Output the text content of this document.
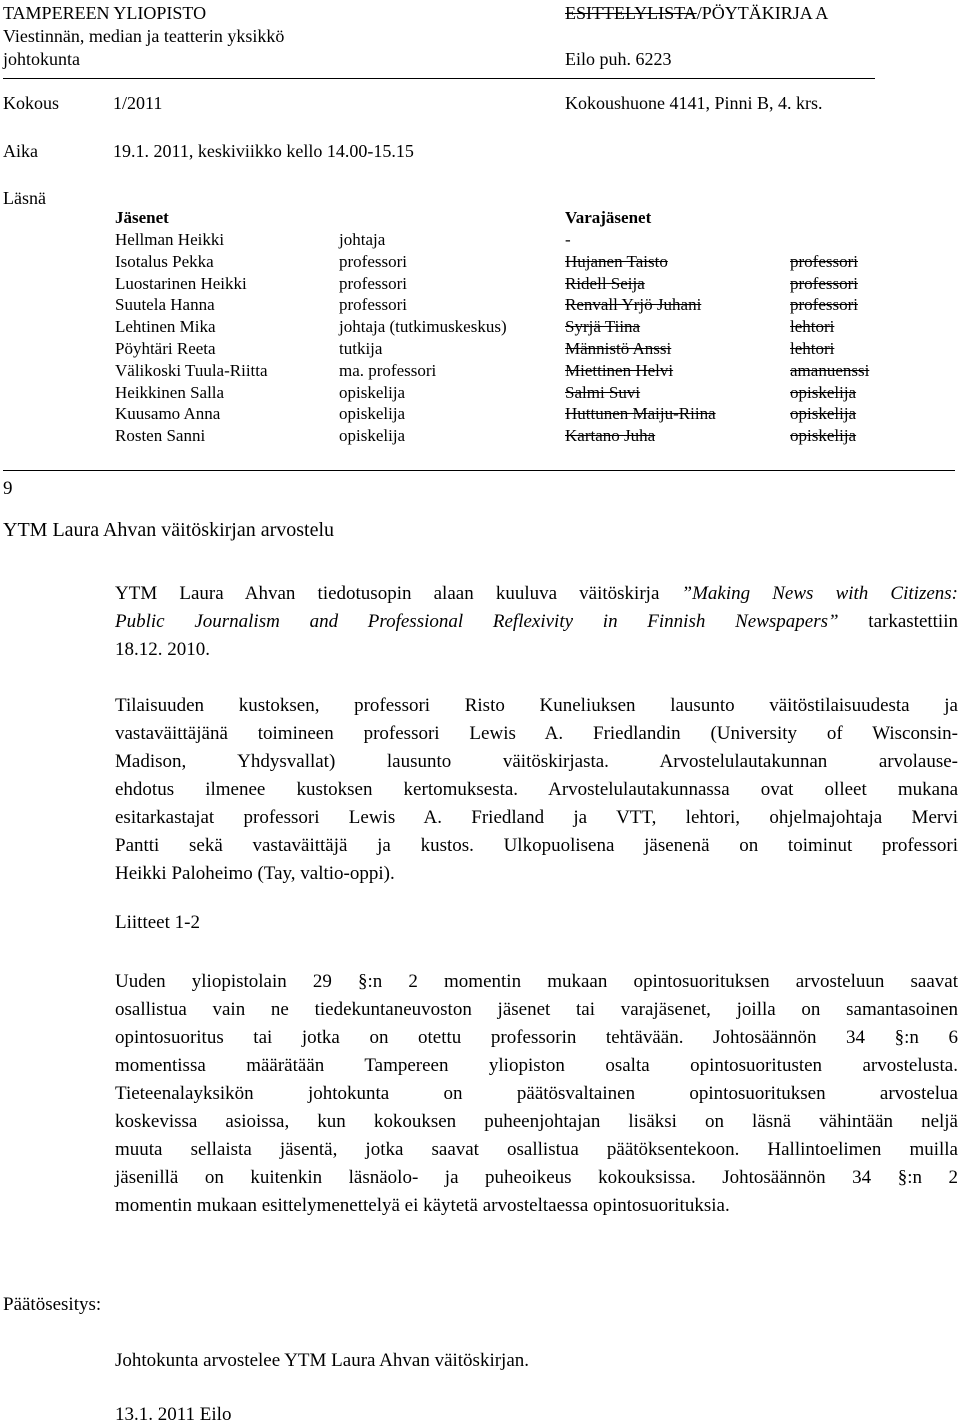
TAMPEREEN YLIOPISTO	ESITTELYLISTA/PÖYTÄKIRJA A
Viestinnän, median ja teatterin yksikkö
johtokunta	Eilo puh. 6223
Kokous	1/2011	Kokoushuone 4141, Pinni B, 4. krs.
Aika	19.1. 2011, keskiviikko kello 14.00-15.15
Läsnä
Jäsenet	Varajäsenet
Hellman Heikki	johtaja	-
Isotalus Pekka	professori	Hujanen Taisto	professori
Luostarinen Heikki	professori	Ridell Seija	professori
Suutela Hanna	professori	Renvall Yrjö Juhani	professori
Lehtinen Mika	johtaja (tutkimuskeskus)	Syrjä Tiina	lehtori
Pöyhtäri Reeta	tutkija	Männistö Anssi	lehtori
Välikoski Tuula-Riitta	ma. professori	Miettinen Helvi	amanuenssi
Heikkinen Salla	opiskelija	Salmi Suvi	opiskelija
Kuusamo Anna	opiskelija	Huttunen Maiju-Riina	opiskelija
Rosten Sanni	opiskelija	Kartano Juha	opiskelija
9
YTM Laura Ahvan väitöskirjan arvostelu
YTM Laura Ahvan tiedotusopin alaan kuuluva väitöskirja ”Making News with Citizens:
Public Journalism and Professional Reflexivity in Finnish Newspapers” tarkastettiin
18.12. 2010.
Tilaisuuden kustoksen, professori Risto Kuneliuksen lausunto väitöstilaisuudesta ja
vastaväittäjänä toimineen professori Lewis A. Friedlandin (University of Wisconsin-
Madison, Yhdysvallat) lausunto väitöskirjasta. Arvostelulautakunnan arvolause-
ehdotus ilmenee kustoksen kertomuksesta. Arvostelulautakunnassa ovat olleet mukana
esitarkastajat professori Lewis A. Friedland ja VTT, lehtori, ohjelmajohtaja Mervi
Pantti sekä vastaväittäjä ja kustos. Ulkopuolisena jäsenenä on toiminut professori
Heikki Paloheimo (Tay, valtio-oppi).
Liitteet 1-2
Uuden yliopistolain 29 §:n 2 momentin mukaan opintosuorituksen arvosteluun saavat
osallistua vain ne tiedekuntaneuvoston jäsenet tai varajäsenet, joilla on samantasoinen
opintosuoritus tai jotka on otettu professorin tehtävään. Johtosäännön 34 §:n 6
momentissa määrätään Tampereen yliopiston osalta opintosuoritusten arvostelusta.
Tieteenalayksikön johtokunta on päätösvaltainen opintosuorituksen arvostelua
koskevissa asioissa, kun kokouksen puheenjohtajan lisäksi on läsnä vähintään neljä
muuta sellaista jäsentä, jotka saavat osallistua päätöksentekoon. Hallintoelimen muilla
jäsenillä on kuitenkin läsnäolo- ja puheoikeus kokouksissa. Johtosäännön 34 §:n 2
momentin mukaan esittelymenettelyä ei käytetä arvosteltaessa opintosuorituksia.
Päätösesitys:
Johtokunta arvostelee YTM Laura Ahvan väitöskirjan.
13.1. 2011 Eilo
